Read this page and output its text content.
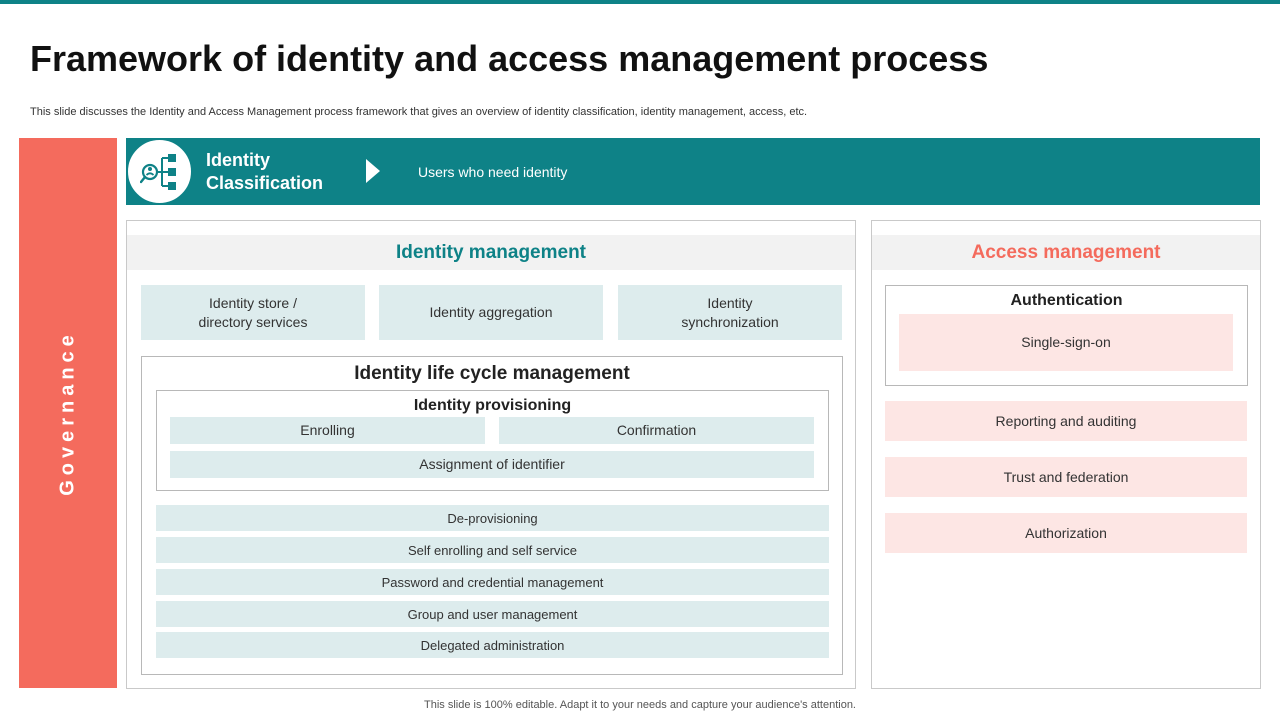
Framework of identity and access management process
This slide discusses the Identity and Access Management process framework that gives an overview of identity classification, identity management, access, etc.
Governance
Identity
Classification
Users who need identity
Identity management
Identity store /
directory services
Identity aggregation
Identity
synchronization
Identity life cycle management
Identity provisioning
Enrolling	Confirmation
Assignment of identifier
De-provisioning
Self enrolling and self service
Password and credential management
Group and user management
Delegated administration
Access management
Authentication
Single-sign-on
Reporting and auditing
Trust and federation
Authorization
This slide is 100% editable. Adapt it to your needs and capture your audience's attention.
